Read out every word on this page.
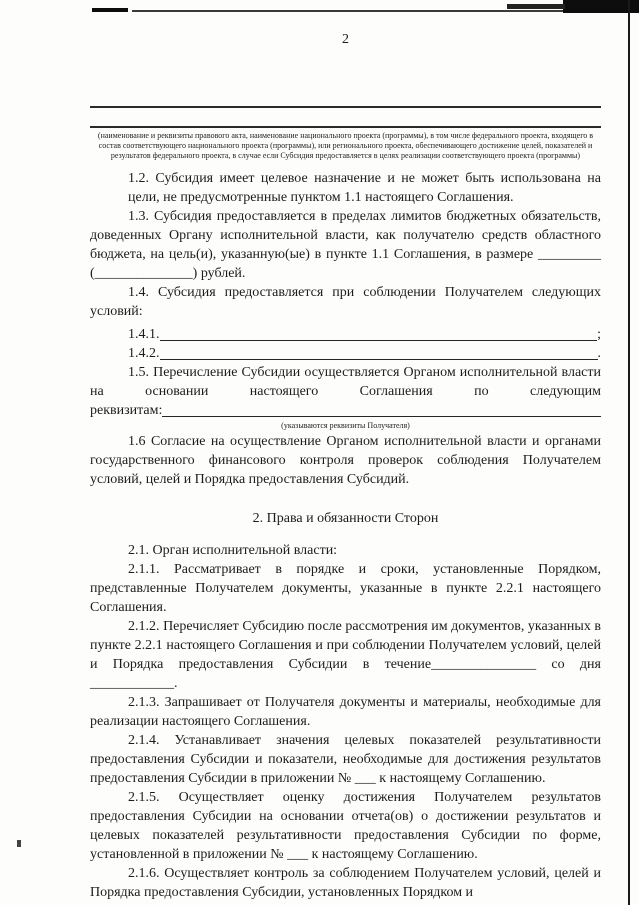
2
(наименование и реквизиты правового акта, наименование национального проекта (программы), в том числе федерального проекта, входящего в состав соответствующего национального проекта (программы), или регионального проекта, обеспечивающего достижение целей, показателей и результатов федерального проекта, в случае если Субсидия предоставляется в целях реализации соответствующего проекта (программы)

1.2. Субсидия имеет целевое назначение и не может быть использована на цели, не предусмотренные пунктом 1.1 настоящего Соглашения.

1.3. Субсидия предоставляется в пределах лимитов бюджетных обязательств, доведенных Органу исполнительной власти, как получателю средств областного бюджета, на цель(и), указанную(ые) в пункте 1.1 Соглашения, в размере _________ (______________) рублей.

1.4. Субсидия предоставляется при соблюдении Получателем следующих условий:

1.4.1.	;
1.4.2.	.

1.5. Перечисление Субсидии осуществляется Органом исполнительной власти на основании настоящего Соглашения по следующим

реквизитам:
(указываются реквизиты Получателя)

1.6 Согласие на осуществление Органом исполнительной власти и органами государственного финансового контроля проверок соблюдения Получателем условий, целей и Порядка предоставления Субсидий.

2. Права и обязанности Сторон

2.1. Орган исполнительной власти:

2.1.1. Рассматривает в порядке и сроки, установленные Порядком, представленные Получателем документы, указанные в пункте 2.2.1 настоящего Соглашения.

2.1.2. Перечисляет Субсидию после рассмотрения им документов, указанных в пункте 2.2.1 настоящего Соглашения и при соблюдении Получателем условий, целей и Порядка предоставления Субсидии в течение_______________ со дня ____________.

2.1.3. Запрашивает от Получателя документы и материалы, необходимые для реализации настоящего Соглашения.

2.1.4. Устанавливает значения целевых показателей результативности предоставления Субсидии и показатели, необходимые для достижения результатов предоставления Субсидии в приложении № ___ к настоящему Соглашению.

2.1.5. Осуществляет оценку достижения Получателем результатов предоставления Субсидии на основании отчета(ов) о достижении результатов и целевых показателей результативности предоставления Субсидии по форме, установленной в приложении № ___ к настоящему Соглашению.

2.1.6. Осуществляет контроль за соблюдением Получателем условий, целей и Порядка предоставления Субсидии, установленных Порядком и
